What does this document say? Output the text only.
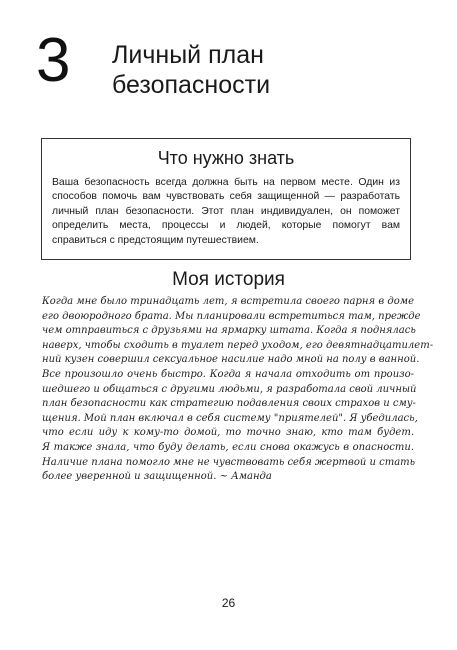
3 Личный план
безопасности
Что нужно знать

Ваша безопасность всегда должна быть на первом месте. Один из способов помочь вам чувствовать себя защищенной — разработать личный план безопасности. Этот план индивидуален, он поможет определить места, процессы и людей, которые помогут вам справиться с предстоящим путешествием.

Моя история
Когда мне было тринадцать лет, я встретила своего парня в доме
его двоюродного брата. Мы планировали встретиться там, прежде
чем отправиться с друзьями на ярмарку штата. Когда я поднялась
наверх, чтобы сходить в туалет перед уходом, его девятнадцатилет-
ний кузен совершил сексуальное насилие надо мной на полу в ванной.
Все произошло очень быстро. Когда я начала отходить от произо-
шедшего и общаться с другими людьми, я разработала свой личный
план безопасности как стратегию подавления своих страхов и сму-
щения. Мой план включал в себя систему "приятелей". Я убедилась,
что если иду к кому-то домой, то точно знаю, кто там будет.
Я также знала, что буду делать, если снова окажусь в опасности.
Наличие плана помогло мне не чувствовать себя жертвой и стать
более уверенной и защищенной. ~ Аманда
26
